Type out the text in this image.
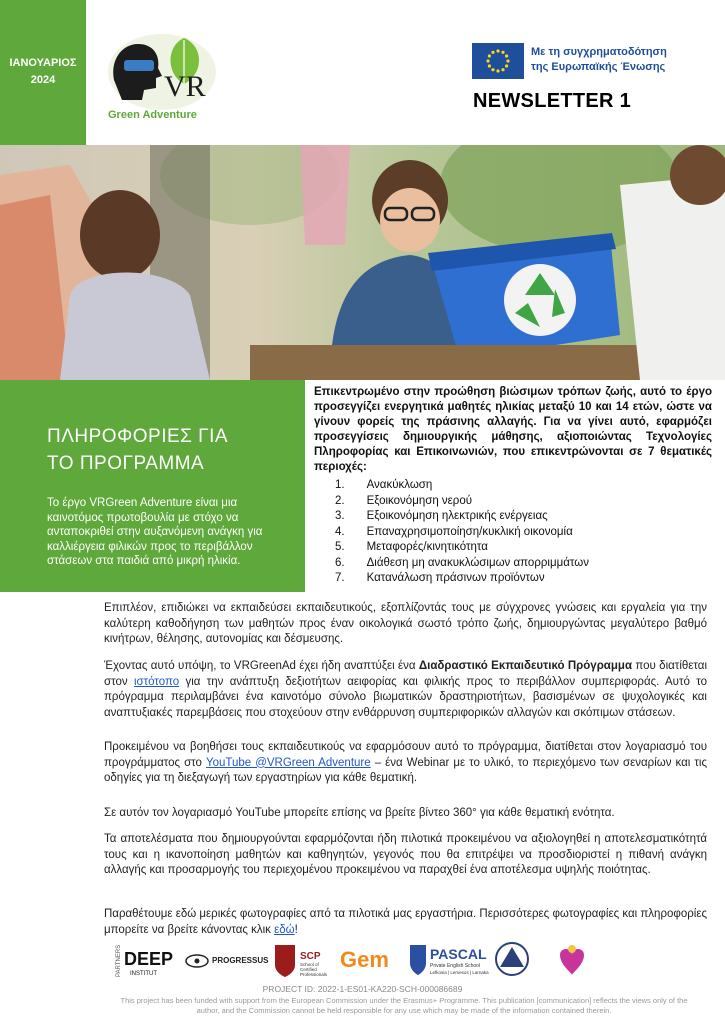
ΙΑΝΟΥΑΡΙΟΣ
2024	VR
Green Adventure
Με τη συγχρηματοδότηση
της Ευρωπαϊκής Ένωσης
NEWSLETTER 1
ΠΛΗΡΟΦΟΡΙΕΣ ΓΙΑ
ΤΟ ΠΡΟΓΡΑΜΜΑ
Το έργο VRGreen Adventure είναι μια καινοτόμος πρωτοβουλία με στόχο να ανταποκριθεί στην αυξανόμενη ανάγκη για καλλιέργεια φιλικών προς το περιβάλλον στάσεων στα παιδιά από μικρή ηλικία.
Επικεντρωμένο στην προώθηση βιώσιμων τρόπων ζωής, αυτό το έργο προσεγγίζει ενεργητικά μαθητές ηλικίας μεταξύ 10 και 14 ετών, ώστε να γίνουν φορείς της πράσινης αλλαγής. Για να γίνει αυτό, εφαρμόζει προσεγγίσεις δημιουργικής μάθησης, αξιοποιώντας Τεχνολογίες Πληροφορίας και Επικοινωνιών, που επικεντρώνονται σε 7 θεματικές περιοχές:
1. Ανακύκλωση
2. Εξοικονόμηση νερού
3. Εξοικονόμηση ηλεκτρικής ενέργειας
4. Επαναχρησιμοποίηση/κυκλική οικονομία
5. Μεταφορές/κινητικότητα
6. Διάθεση μη ανακυκλώσιμων απορριμμάτων
7. Κατανάλωση πράσινων προϊόντων
Επιπλέον, επιδιώκει να εκπαιδεύσει εκπαιδευτικούς, εξοπλίζοντάς τους με σύγχρονες γνώσεις και εργαλεία για την καλύτερη καθοδήγηση των μαθητών προς έναν οικολογικά σωστό τρόπο ζωής, δημιουργώντας μεγαλύτερο βαθμό κινήτρων, θέλησης, αυτονομίας και δέσμευσης.
Έχοντας αυτό υπόψη, το VRGreenAd έχει ήδη αναπτύξει ένα Διαδραστικό Εκπαιδευτικό Πρόγραμμα που διατίθεται στον ιστότοπο για την ανάπτυξη δεξιοτήτων αειφορίας και φιλικής προς το περιβάλλον συμπεριφοράς. Αυτό το πρόγραμμα περιλαμβάνει ένα καινοτόμο σύνολο βιωματικών δραστηριοτήτων, βασισμένων σε ψυχολογικές και αναπτυξιακές παρεμβάσεις που στοχεύουν στην ενθάρρυνση συμπεριφορικών αλλαγών και σκόπιμων στάσεων.
Προκειμένου να βοηθήσει τους εκπαιδευτικούς να εφαρμόσουν αυτό το πρόγραμμα, διατίθεται στον λογαριασμό του προγράμματος στο YouTube @VRGreen Adventure – ένα Webinar με το υλικό, το περιεχόμενο των σεναρίων και τις οδηγίες για τη διεξαγωγή των εργαστηρίων για κάθε θεματική.
Σε αυτόν τον λογαριασμό YouTube μπορείτε επίσης να βρείτε βίντεο 360° για κάθε θεματική ενότητα.
Τα αποτελέσματα που δημιουργούνται εφαρμόζονται ήδη πιλοτικά προκειμένου να αξιολογηθεί η αποτελεσματικότητά τους και η ικανοποίηση μαθητών και καθηγητών, γεγονός που θα επιτρέψει να προσδιοριστεί η πιθανή ανάγκη αλλαγής και προσαρμογής του περιεχομένου προκειμένου να παραχθεί ένα αποτέλεσμα υψηλής ποιότητας.
Παραθέτουμε εδώ μερικές φωτογραφίες από τα πιλοτικά μας εργαστήρια. Περισσότερες φωτογραφίες και πληροφορίες μπορείτε να βρείτε κάνοντας κλικ εδώ!
PARTNERS DEEP
INSTITUT
PROGRESSUS	SCP
School of
Certified
Professionals
Gem	PASCAL
Private English School
Lefkosia | Lemesos | Larnaka
PROJECT ID: 2022-1-ES01-KA220-SCH-000086689
This project has been funded with support from the European Commission under the Erasmus+ Programme. This publication [communication] reflects the views only of the author, and the Commission cannot be held responsible for any use which may be made of the information contained therein.
